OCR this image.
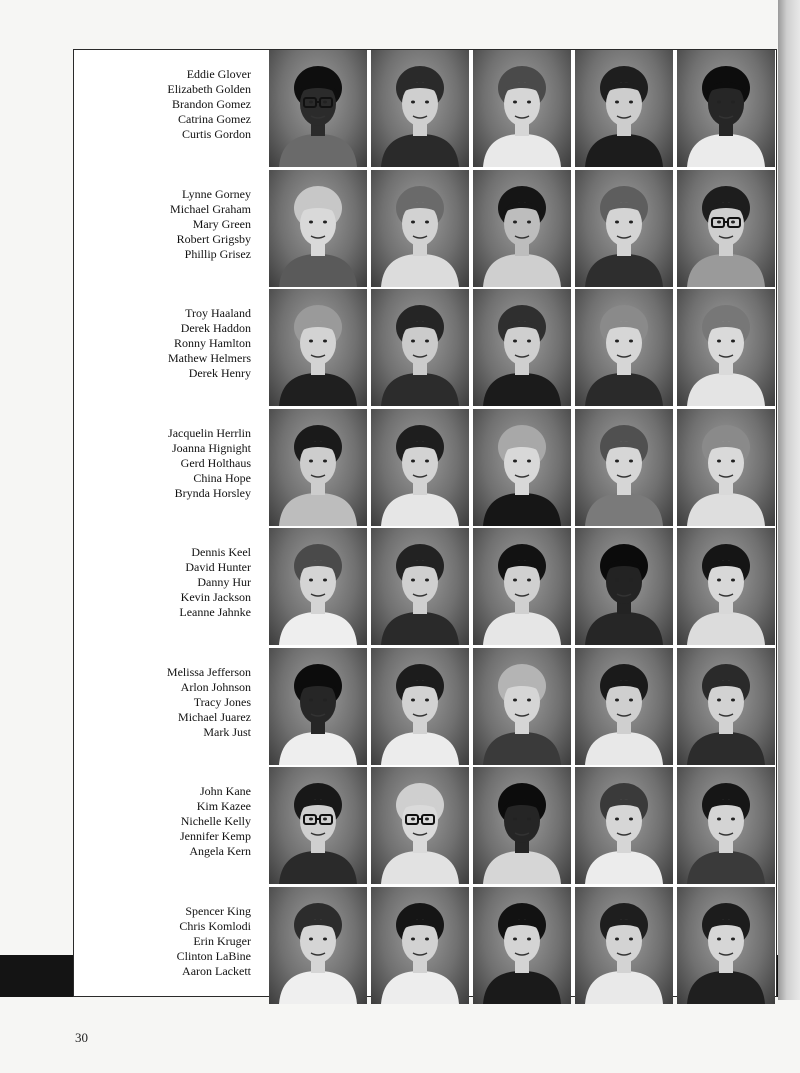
Eddie Glover
Elizabeth Golden
Brandon Gomez
Catrina Gomez
Curtis Gordon
Lynne Gorney
Michael Graham
Mary Green
Robert Grigsby
Phillip Grisez
Troy Haaland
Derek Haddon
Ronny Hamlton
Mathew Helmers
Derek Henry
Jacquelin Herrlin
Joanna Hignight
Gerd Holthaus
China Hope
Brynda Horsley
Dennis Keel
David Hunter
Danny Hur
Kevin Jackson
Leanne Jahnke
Melissa Jefferson
Arlon Johnson
Tracy Jones
Michael Juarez
Mark Just
John Kane
Kim Kazee
Nichelle Kelly
Jennifer Kemp
Angela Kern
Spencer King
Chris Komlodi
Erin Kruger
Clinton LaBine
Aaron Lackett
30
